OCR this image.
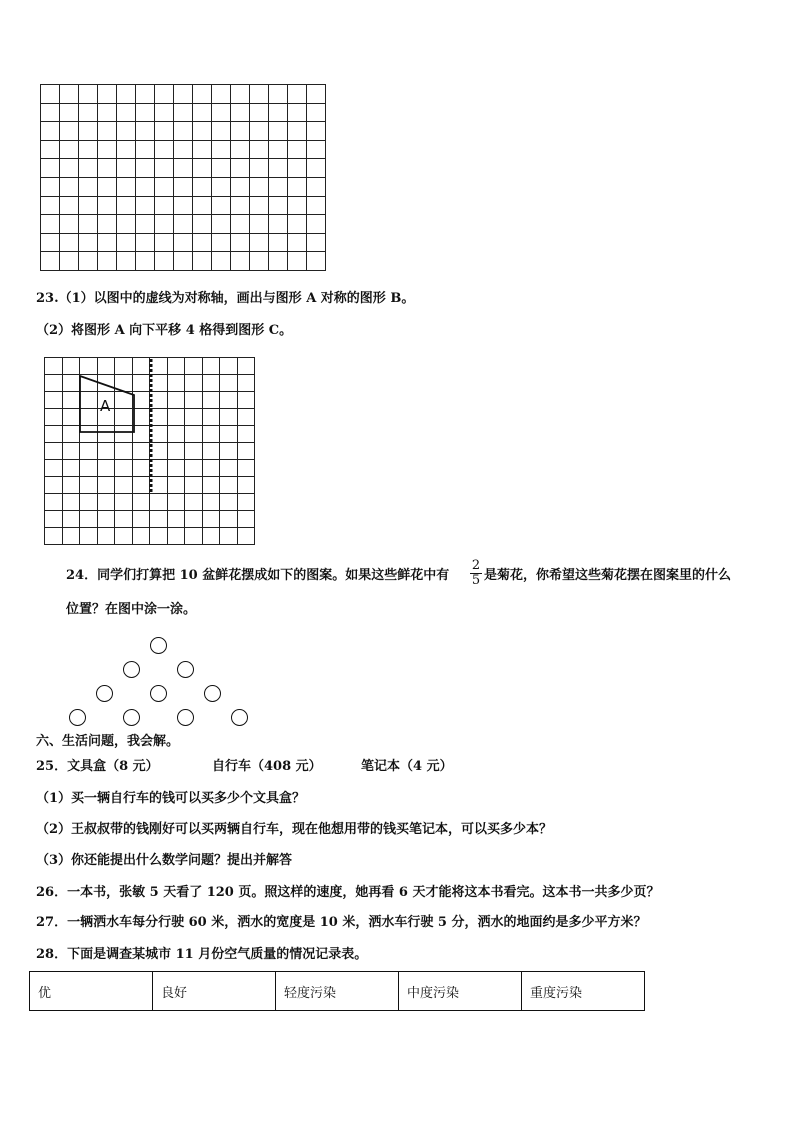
23.（1）以图中的虚线为对称轴，画出与图形 A 对称的图形 B。
（2）将图形 A 向下平移 4 格得到图形 C。

A
24．同学们打算把 10 盆鲜花摆成如下的图案。如果这些鲜花中有 $\frac{2}{5}$ 是菊花，你希望这些菊花摆在图案里的什么
位置？在图中涂一涂。
六、生活问题，我会解。
25．文具盒（8 元）	自行车（408 元）	笔记本（4 元）
（1）买一辆自行车的钱可以买多少个文具盒？
（2）王叔叔带的钱刚好可以买两辆自行车，现在他想用带的钱买笔记本，可以买多少本？
（3）你还能提出什么数学问题？提出并解答
26．一本书，张敏 5 天看了 120 页。照这样的速度，她再看 6 天才能将这本书看完。这本书一共多少页？
27．一辆洒水车每分行驶 60 米，洒水的宽度是 10 米，洒水车行驶 5 分，洒水的地面约是多少平方米？
28．下面是调查某城市 11 月份空气质量的情况记录表。
优	良好	轻度污染	中度污染	重度污染
